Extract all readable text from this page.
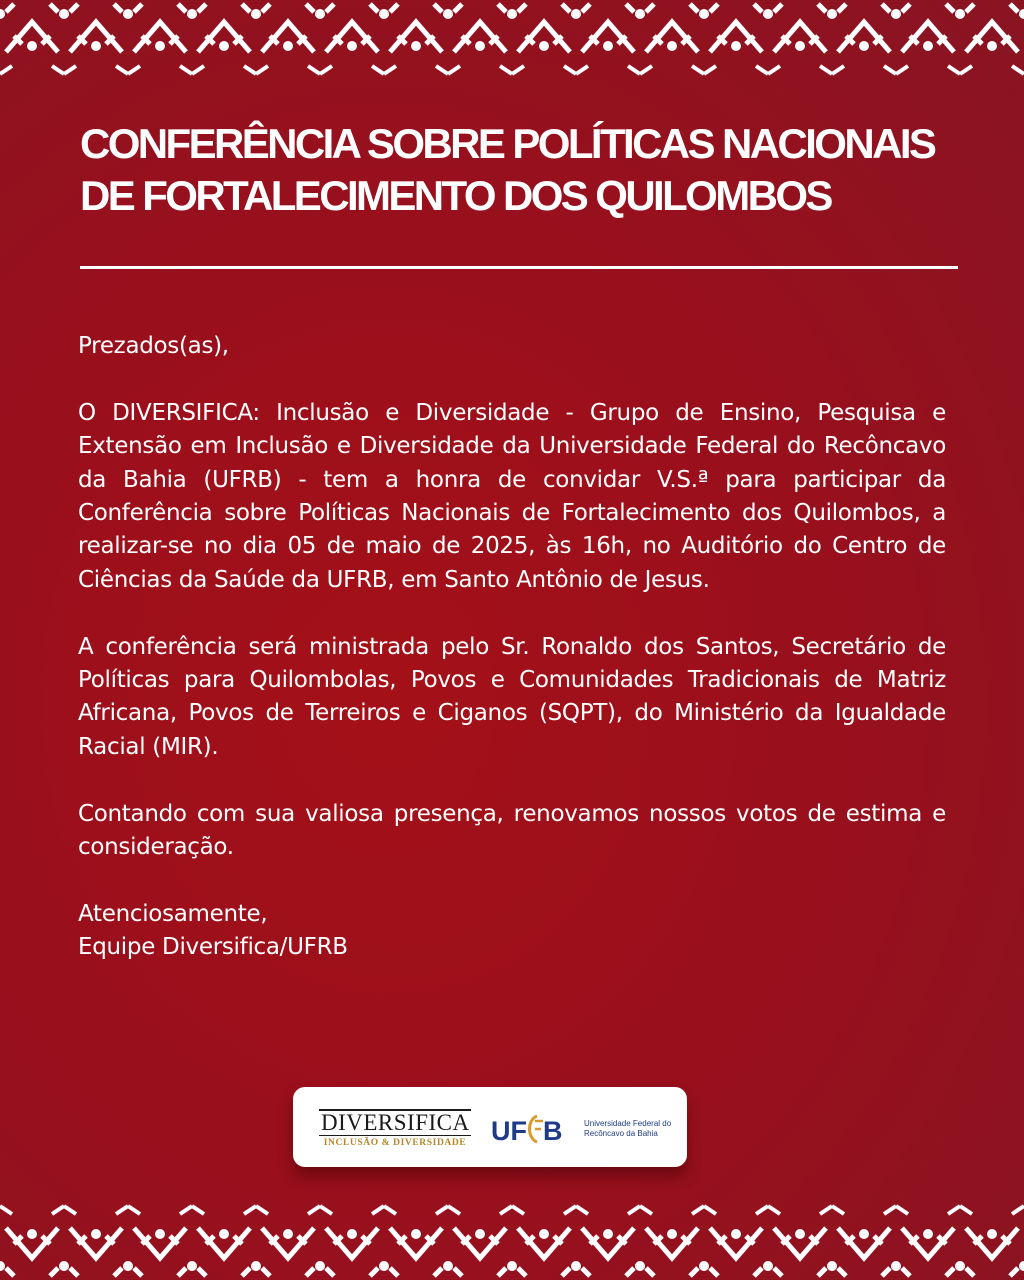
CONFERÊNCIA SOBRE POLÍTICAS NACIONAIS DE FORTALECIMENTO DOS QUILOMBOS

Prezados(as),

O DIVERSIFICA: Inclusão e Diversidade - Grupo de Ensino, Pesquisa e Extensão em Inclusão e Diversidade da Universidade Federal do Recôncavo da Bahia (UFRB) - tem a honra de convidar V.S.ª para participar da Conferência sobre Políticas Nacionais de Fortalecimento dos Quilombos, a realizar-se no dia 05 de maio de 2025, às 16h, no Auditório do Centro de Ciências da Saúde da UFRB, em Santo Antônio de Jesus.

A conferência será ministrada pelo Sr. Ronaldo dos Santos, Secretário de Políticas para Quilombolas, Povos e Comunidades Tradicionais de Matriz Africana, Povos de Terreiros e Ciganos (SQPT), do Ministério da Igualdade Racial (MIR).

Contando com sua valiosa presença, renovamos nossos votos de estima e consideração.

Atenciosamente,

Equipe Diversifica/UFRB

DIVERSIFICA
INCLUSÃO & DIVERSIDADE UF B	Universidade Federal do
Recôncavo da Bahia
